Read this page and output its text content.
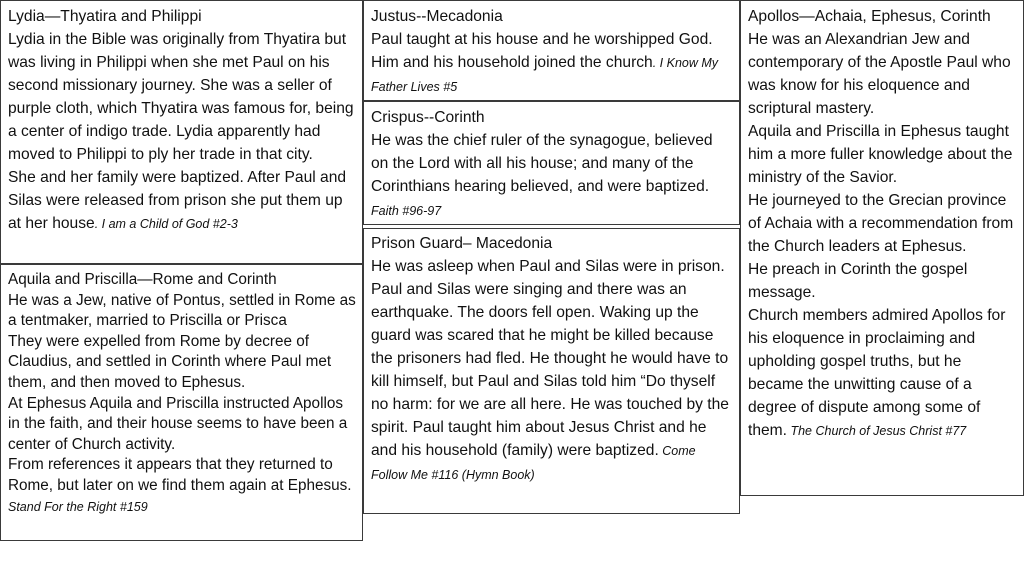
Lydia—Thyatira and Philippi
Lydia in the Bible was originally from Thyatira but was living in Philippi when she met Paul on his second missionary journey. She was a seller of purple cloth, which Thyatira was famous for, being a center of indigo trade. Lydia apparently had moved to Philippi to ply her trade in that city.
She and her family were baptized. After Paul and Silas were released from prison she put them up at her house. I am a Child of God #2-3
Aquila and Priscilla—Rome and Corinth
He was a Jew, native of Pontus, settled in Rome as a tentmaker, married to Priscilla or Prisca
They were expelled from Rome by decree of Claudius, and settled in Corinth where Paul met them, and then moved to Ephesus.
At Ephesus Aquila and Priscilla instructed Apollos in the faith, and their house seems to have been a center of Church activity.
From references it appears that they returned to Rome, but later on we find them again at Ephesus. Stand For the Right #159
Justus--Mecadonia
Paul taught at his house and he worshipped God. Him and his household joined the church. I Know My Father Lives #5
Crispus--Corinth
He was the chief ruler of the synagogue, believed on the Lord with all his house; and many of the Corinthians hearing believed, and were baptized. Faith #96-97
Prison Guard– Macedonia
He was asleep when Paul and Silas were in prison. Paul and Silas were singing and there was an earthquake. The doors fell open. Waking up the guard was scared that he might be killed because the prisoners had fled. He thought he would have to kill himself, but Paul and Silas told him “Do thyself no harm: for we are all here. He was touched by the spirit. Paul taught him about Jesus Christ and he and his household (family) were baptized. Come Follow Me #116 (Hymn Book)
Apollos—Achaia, Ephesus, Corinth
He was an Alexandrian Jew and contemporary of the Apostle Paul who was know for his eloquence and scriptural mastery.
Aquila and Priscilla in Ephesus taught him a more fuller knowledge about the ministry of the Savior.
He journeyed to the Grecian province of Achaia with a recommendation from the Church leaders at Ephesus.
He preach in Corinth the gospel message.
Church members admired Apollos for his eloquence in proclaiming and upholding gospel truths, but he became the unwitting cause of a degree of dispute among some of them. The Church of Jesus Christ #77
